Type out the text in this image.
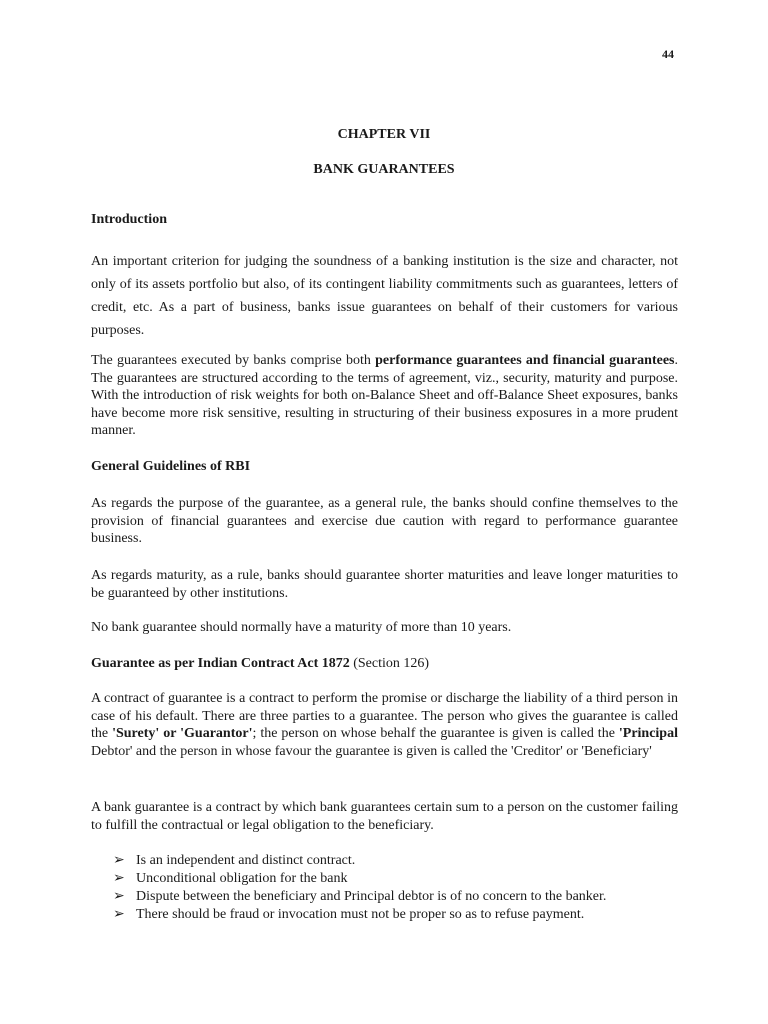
44
CHAPTER VII
BANK GUARANTEES
Introduction
An important criterion for judging the soundness of a banking institution is the size and character, not only of its assets portfolio but also, of its contingent liability commitments such as guarantees, letters of credit, etc. As a part of business, banks issue guarantees on behalf of their customers for various purposes.
The guarantees executed by banks comprise both performance guarantees and financial guarantees. The guarantees are structured according to the terms of agreement, viz., security, maturity and purpose. With the introduction of risk weights for both on-Balance Sheet and off-Balance Sheet exposures, banks have become more risk sensitive, resulting in structuring of their business exposures in a more prudent manner.
General Guidelines of RBI
As regards the purpose of the guarantee, as a general rule, the banks should confine themselves to the provision of financial guarantees and exercise due caution with regard to performance guarantee business.
As regards maturity, as a rule, banks should guarantee shorter maturities and leave longer maturities to be guaranteed by other institutions.
No bank guarantee should normally have a maturity of more than 10 years.
Guarantee as per Indian Contract Act 1872 (Section 126)
A contract of guarantee is a contract to perform the promise or discharge the liability of a third person in case of his default. There are three parties to a guarantee. The person who gives the guarantee is called the 'Surety' or 'Guarantor'; the person on whose behalf the guarantee is given is called the 'Principal Debtor' and the person in whose favour the guarantee is given is called the 'Creditor' or 'Beneficiary'
A bank guarantee is a contract by which bank guarantees certain sum to a person on the customer failing to fulfill the contractual or legal obligation to the beneficiary.
➢ Is an independent and distinct contract.
➢ Unconditional obligation for the bank
➢ Dispute between the beneficiary and Principal debtor is of no concern to the banker.
➢ There should be fraud or invocation must not be proper so as to refuse payment.
